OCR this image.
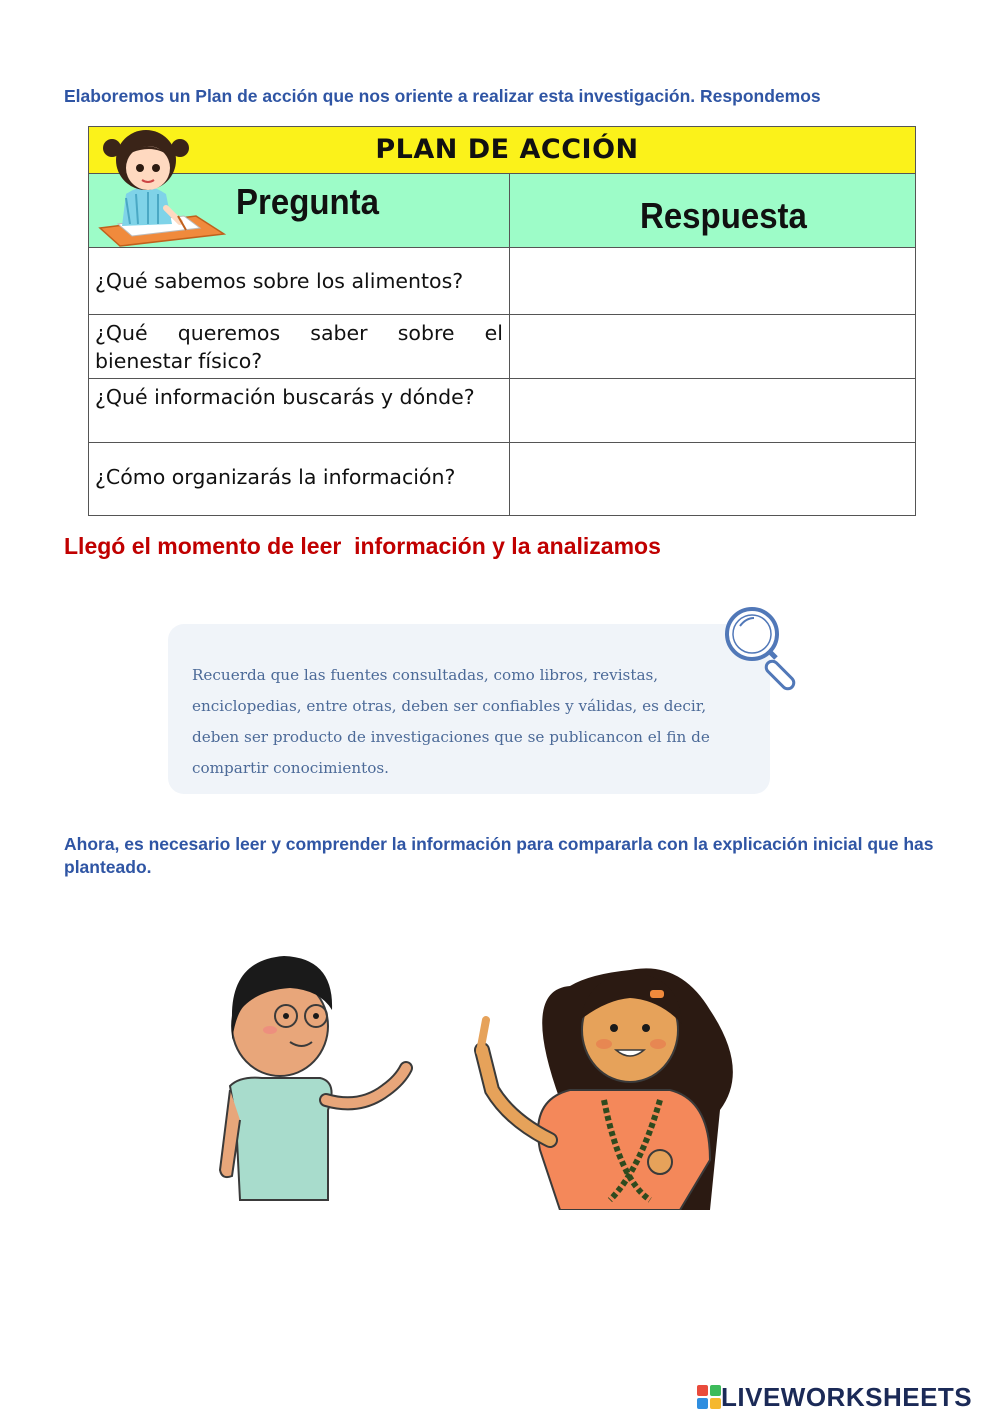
Elaboremos un Plan de acción que nos oriente a realizar esta investigación. Respondemos
PLAN DE ACCIÓN
Pregunta	Respuesta
¿Qué sabemos sobre los alimentos?
¿Qué queremos saber sobre el bienestar físico?
¿Qué información buscarás y dónde?
¿Cómo organizarás la información?
Llegó el momento de leer  información y la analizamos
Recuerda que las fuentes consultadas, como libros, revistas, enciclopedias, entre otras, deben ser confiables y válidas, es decir, deben ser producto de investigaciones que se publicancon el fin de compartir conocimientos.
Ahora, es necesario leer y comprender la información para compararla con la explicación inicial que has planteado.
LIVEWORKSHEETS
